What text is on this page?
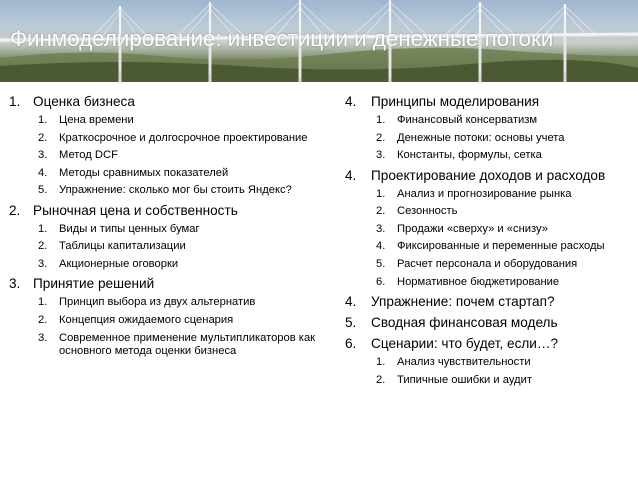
Финмоделирование: инвестиции и денежные потоки
1. Оценка бизнеса
1. Цена времени
2. Краткосрочное и долгосрочное проектирование
3. Метод DCF
4. Методы сравнимых показателей
5. Упражнение: сколько мог бы стоить Яндекс?
2. Рыночная цена и собственность
1. Виды и типы ценных бумаг
2. Таблицы капитализации
3. Акционерные оговорки
3. Принятие решений
1. Принцип выбора из двух альтернатив
2. Концепция ожидаемого сценария
3. Современное применение мультипликаторов как основного метода оценки бизнеса
4. Принципы моделирования
1. Финансовый консерватизм
2. Денежные потоки: основы учета
3. Константы, формулы, сетка
4. Проектирование доходов и расходов
1. Анализ и прогнозирование рынка
2. Сезонность
3. Продажи «сверху» и «снизу»
4. Фиксированные и переменные расходы
5. Расчет персонала и оборудования
6. Нормативное бюджетирование
4. Упражнение: почем стартап?
5. Сводная финансовая модель
6. Сценарии: что будет, если…?
1. Анализ чувствительности
2. Типичные ошибки и аудит
